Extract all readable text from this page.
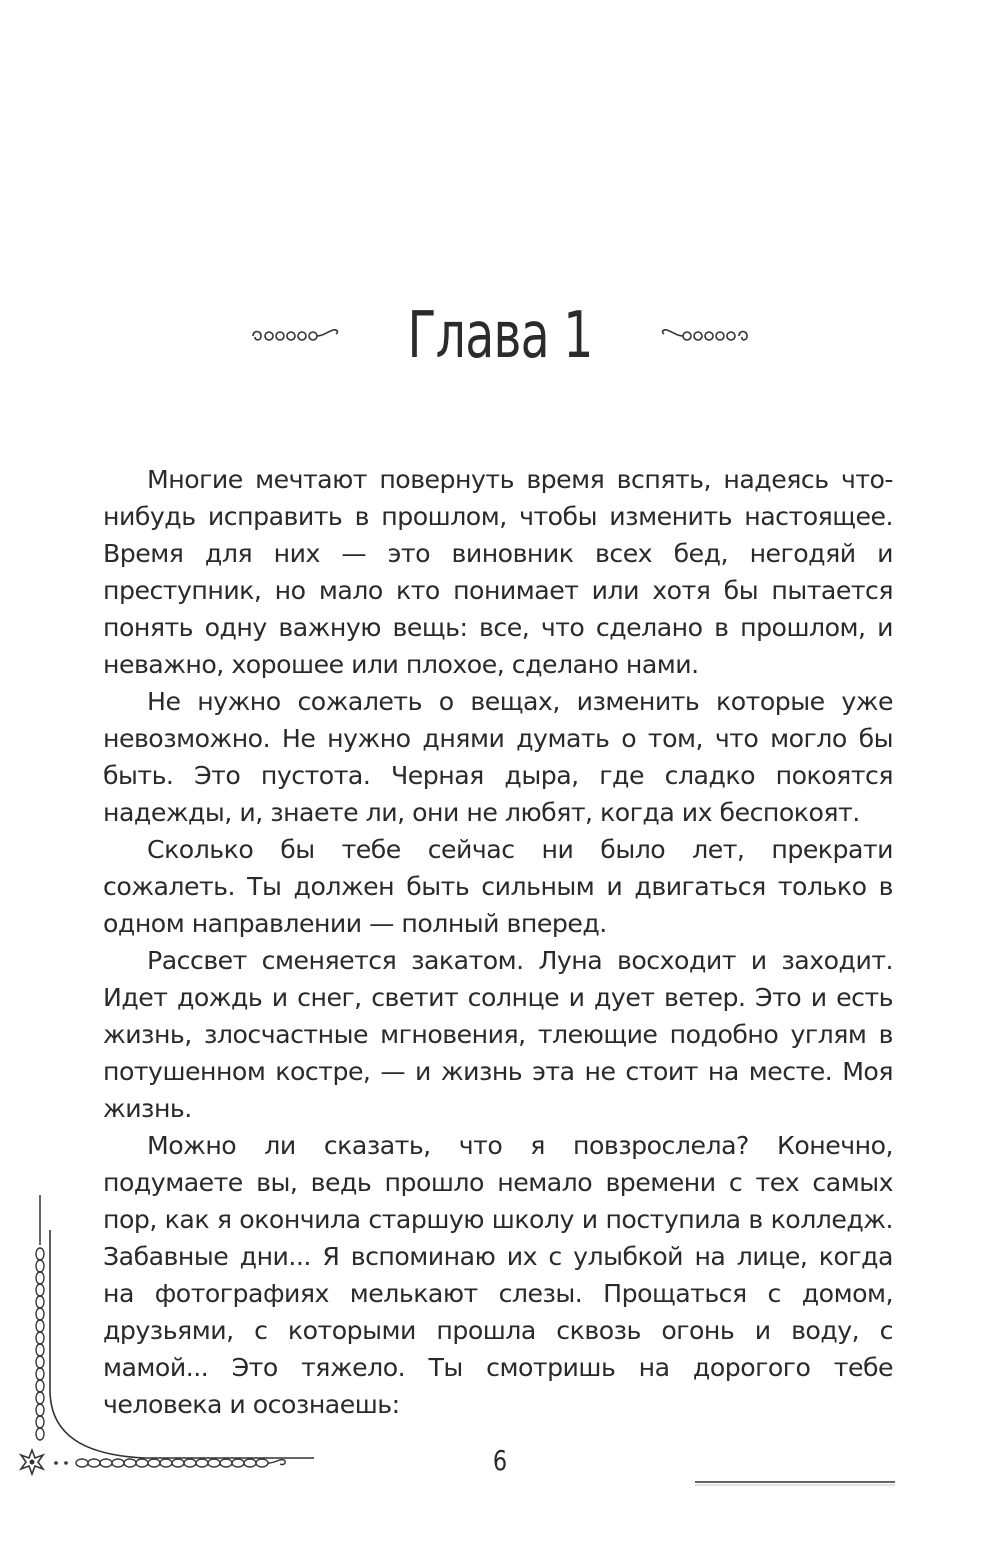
Глава 1

Многие мечтают повернуть время вспять, надеясь что-нибудь исправить в прошлом, чтобы изменить настоящее. Время для них — это виновник всех бед, негодяй и преступник, но мало кто понимает или хотя бы пытается понять одну важную вещь: все, что сделано в прошлом, и неважно, хорошее или плохое, сделано нами.

Не нужно сожалеть о вещах, изменить которые уже невозможно. Не нужно днями думать о том, что могло бы быть. Это пустота. Черная дыра, где сладко покоятся надежды, и, знаете ли, они не любят, когда их беспокоят.

Сколько бы тебе сейчас ни было лет, прекрати сожалеть. Ты должен быть сильным и двигаться только в одном направлении — полный вперед.

Рассвет сменяется закатом. Луна восходит и заходит. Идет дождь и снег, светит солнце и дует ветер. Это и есть жизнь, злосчастные мгновения, тлеющие подобно углям в потушенном костре, — и жизнь эта не стоит на месте. Моя жизнь.

Можно ли сказать, что я повзрослела? Конечно, подумаете вы, ведь прошло немало времени с тех самых пор, как я окончила старшую школу и поступила в колледж. Забавные дни... Я вспоминаю их с улыбкой на лице, когда на фотографиях мелькают слезы. Прощаться с домом, друзьями, с которыми прошла сквозь огонь и воду, с мамой... Это тяжело. Ты смотришь на дорогого тебе человека и осознаешь:

6
